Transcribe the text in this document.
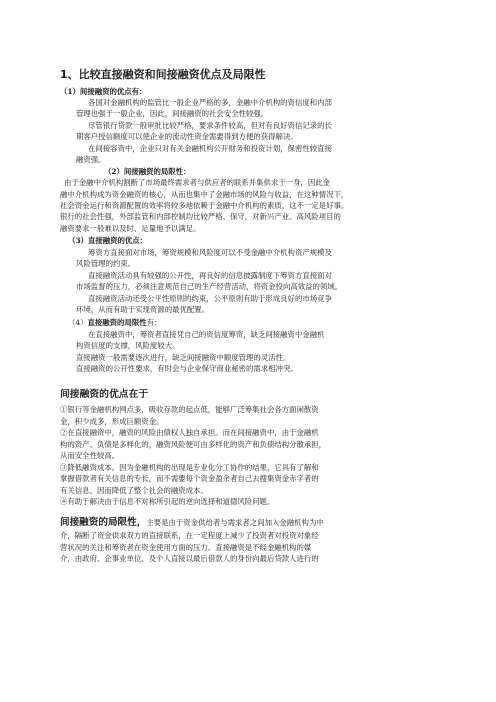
1、比较直接融资和间接融资优点及局限性
（1）间接融资的优点有：
各国对金融机构的监管比一般企业严格的多，金融中介机构的资信度和内部
管理也强于一般企业，因此，间接融资的社会安全性较强。
尽管银行贷款一般审批比较严格，要求条件较高，但对有良好资信记录的长
期客户授信额度可以使企业的流动性资金需要得到方便的获得解决。
在间接容资中，企业只对有关金融机构公开财务和投资计划，保密性较直接
融资强。
（2）间接融资的局限性：
由于金融中介机构割断了市场最终需求者与供应者的联系并集供求于一身，因此金
融中介机构成为资金融资的核心，从而也集中了金融市场的风险与收益，在这种情况下，
社会资金运行和资源配置的效率将较多地依赖于金融中介机构的素质，这不一定是好事。
银行的社会性强，外部监管和内部控制均比较严格、保守，对新兴产业、高风险项目的
融资要求一般难以及时、足量地予以满足。
（3）直接融资的优点：
筹资方直接面对市场，筹资规模和风险度可以不受金融中介机构资产规模及
风险管理的约束。
直接融资活动具有较强的公开性，再良好的信息披露制度下筹资方直接面对
市场监督的压力，必须注意规范自己的生产经营活动，将资金投向高效益的领域。
直接融资活动还受公平性原则的约束，公平原则有助于形成良好的市场竞争
环境，从而有助于实现资源的最优配置。
（4）直接融资的局限性有：
在直接融资中，筹资者直接凭自己的资信度筹资，缺乏间接融资中金融机
构资信度的支撑，风险度较大。
直接融资一般需要逐次进行，缺乏间接融资中额度管理的灵活性。
直接融资的公开性要求，有时会与企业保守商业秘密的需求相冲突。
间接融资的优点在于
①银行等金融机构网点多，吸收存款的起点低，能够广泛筹集社会各方面闲散资
金，积少成多，形成巨额资金。
②在直接融资中，融资的风险由债权人独自承担。而在间接融资中，由于金融机
构的资产、负债是多样化的，融资风险便可由多样化的资产和负债结构分散承担，
从而安全性较高。
③降低融资成本。因为金融机构的出现是专业化分工协作的结果，它具有了解和
掌握借款者有关信息的专长，而不需要每个资金盈余者自己去搜集资金赤字者的
有关信息，因而降低了整个社会的融资成本。
④有助于解决由于信息不对称所引起的逆向选择和道德风险问题。
间接融资的局限性，主要是由于资金供给者与需求者之间加入金融机构为中
介，隔断了资金供求双方的直接联系，在一定程度上减少了投资者对投资对象经
营状况的关注和筹资者在资金使用方面的压力。直接融资是不经金融机构的媒
介，由政府、企事业单位、及个人直接以最后借款人的身份向最后贷款人进行的
